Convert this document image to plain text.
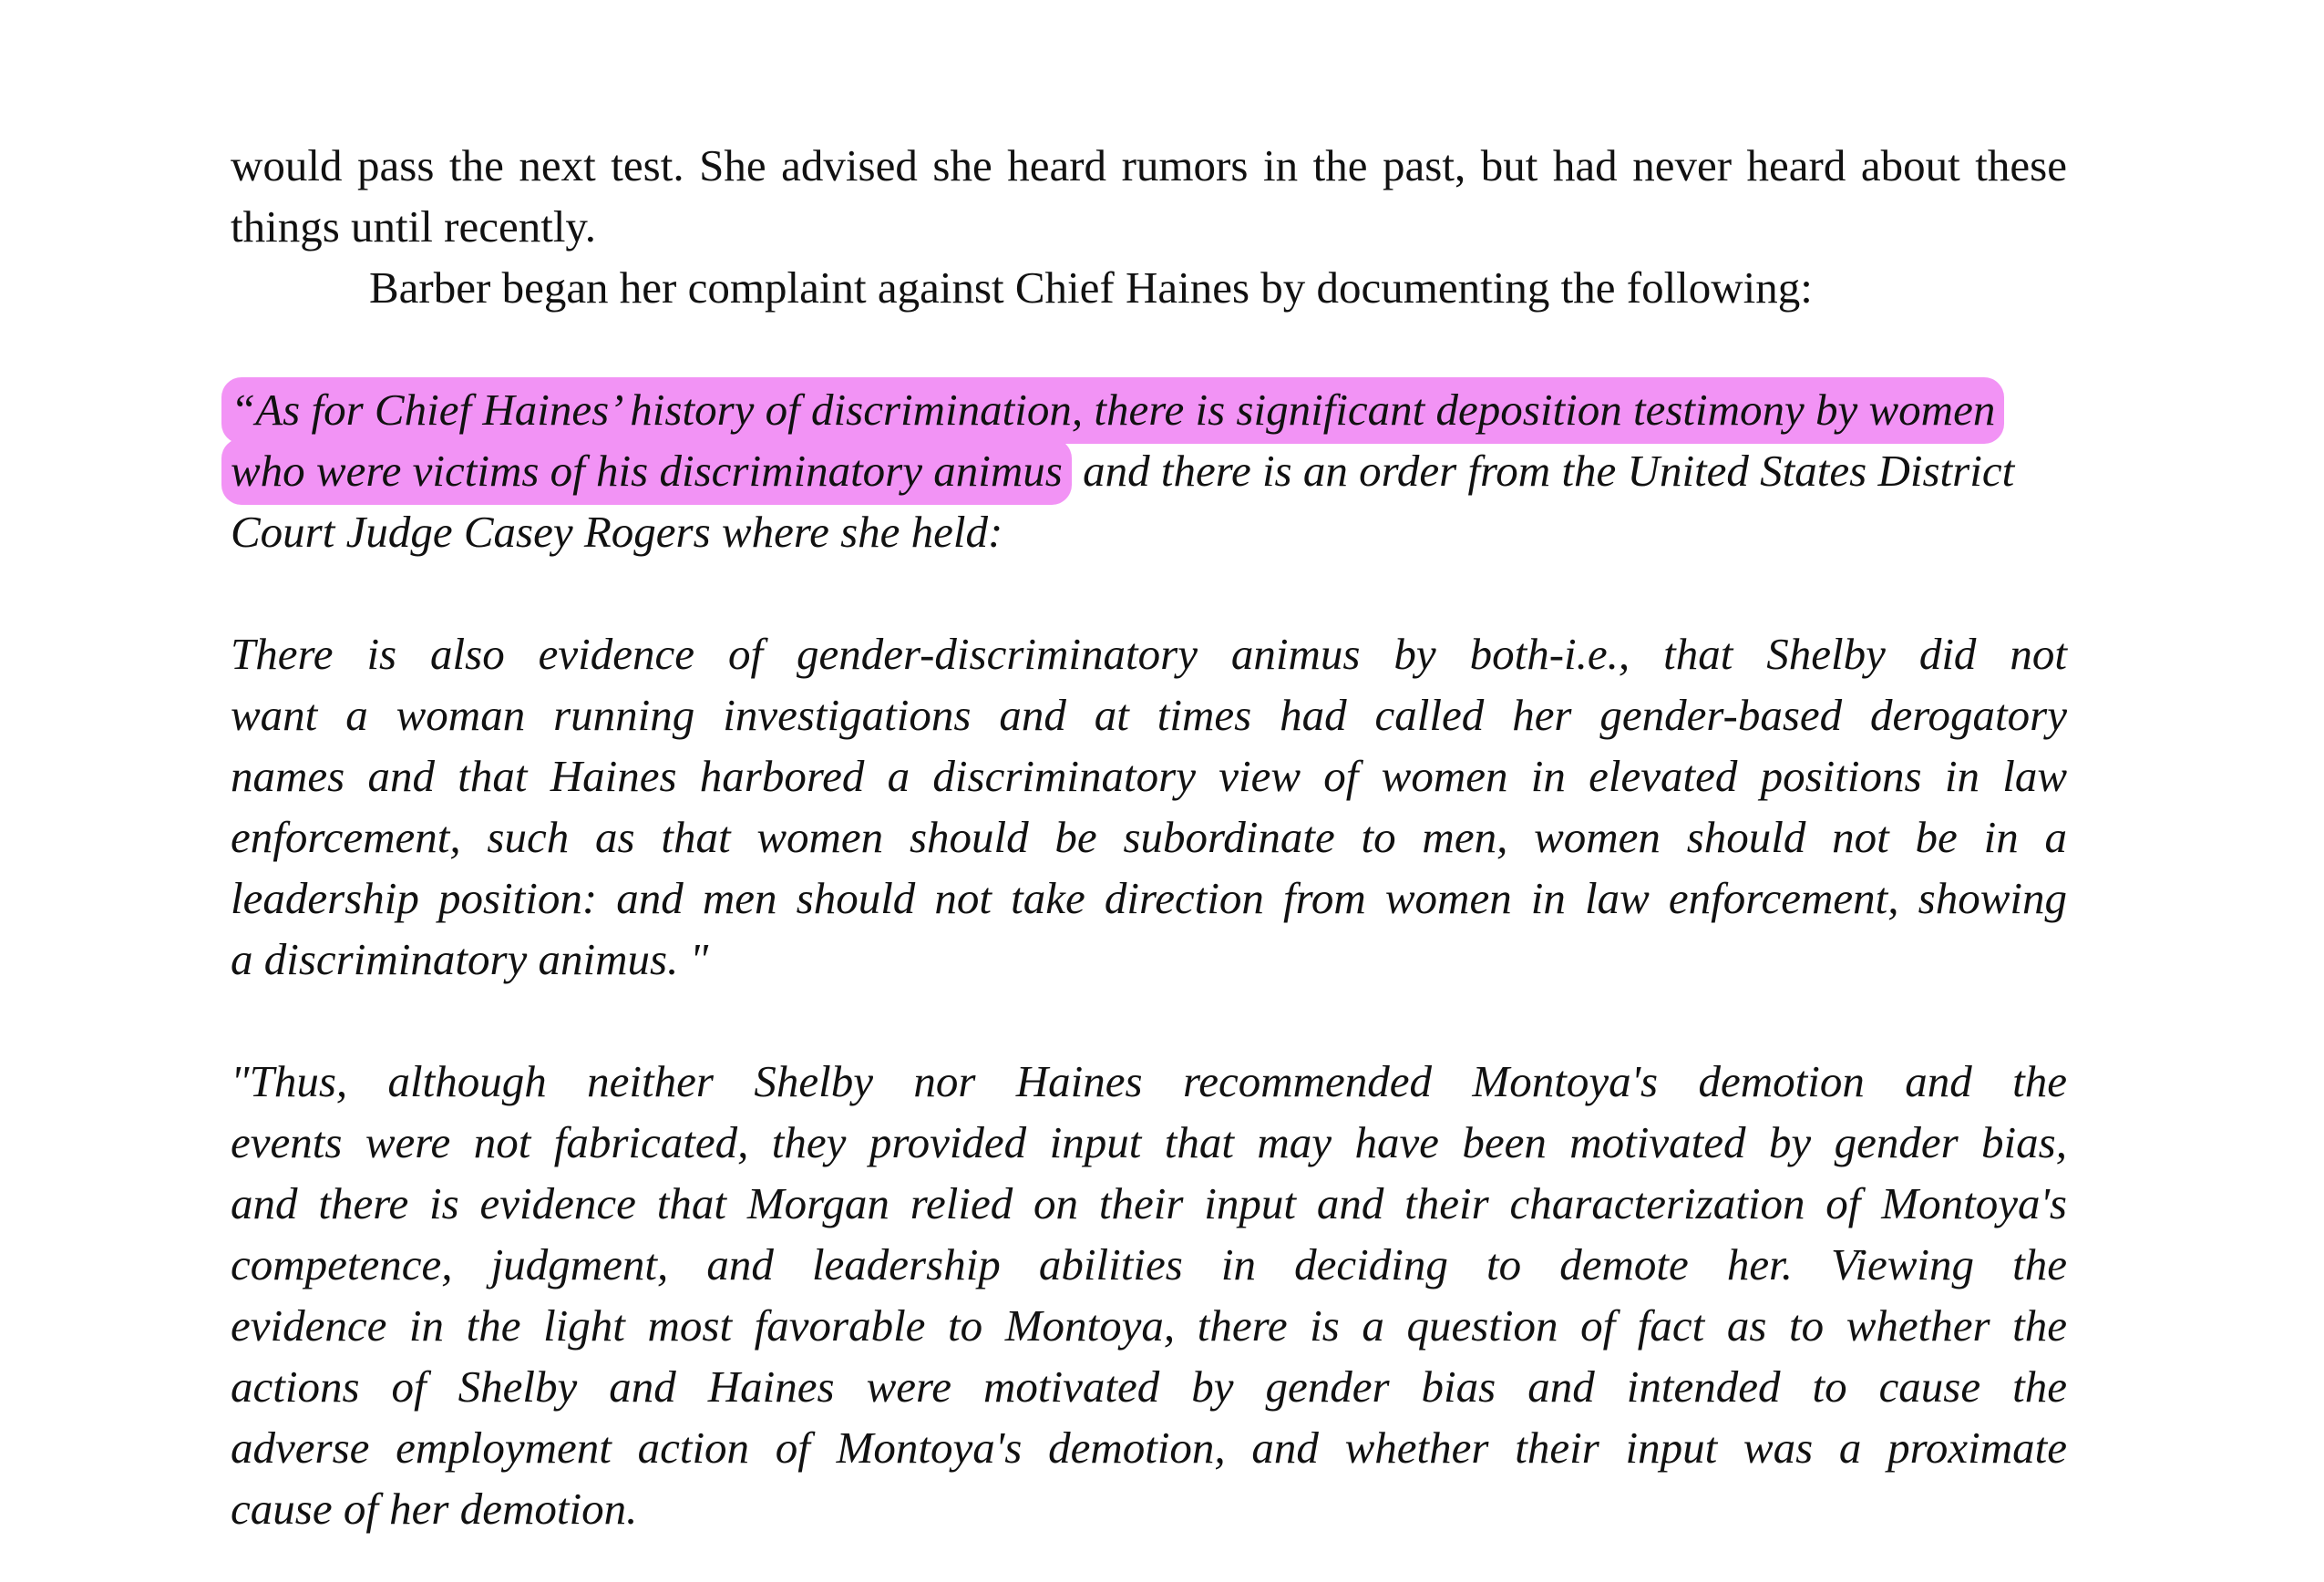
would pass the next test. She advised she heard rumors in the past, but had never heard about these
things until recently.
Barber began her complaint against Chief Haines by documenting the following:
“As for Chief Haines’ history of discrimination, there is significant deposition testimony by women
who were victims of his discriminatory animus and there is an order from the United States District
Court Judge Casey Rogers where she held:
There is also evidence of gender-discriminatory animus by both-i.e., that Shelby did not
want a woman running investigations and at times had called her gender-based derogatory
names and that Haines harbored a discriminatory view of women in elevated positions in law
enforcement, such as that women should be subordinate to men, women should not be in a
leadership position: and men should not take direction from women in law enforcement, showing
a discriminatory animus. "
"Thus, although neither Shelby nor Haines recommended Montoya's demotion and the
events were not fabricated, they provided input that may have been motivated by gender bias,
and there is evidence that Morgan relied on their input and their characterization of Montoya's
competence, judgment, and leadership abilities in deciding to demote her. Viewing the
evidence in the light most favorable to Montoya, there is a question of fact as to whether the
actions of Shelby and Haines were motivated by gender bias and intended to cause the
adverse employment action of Montoya's demotion, and whether their input was a proximate
cause of her demotion.
